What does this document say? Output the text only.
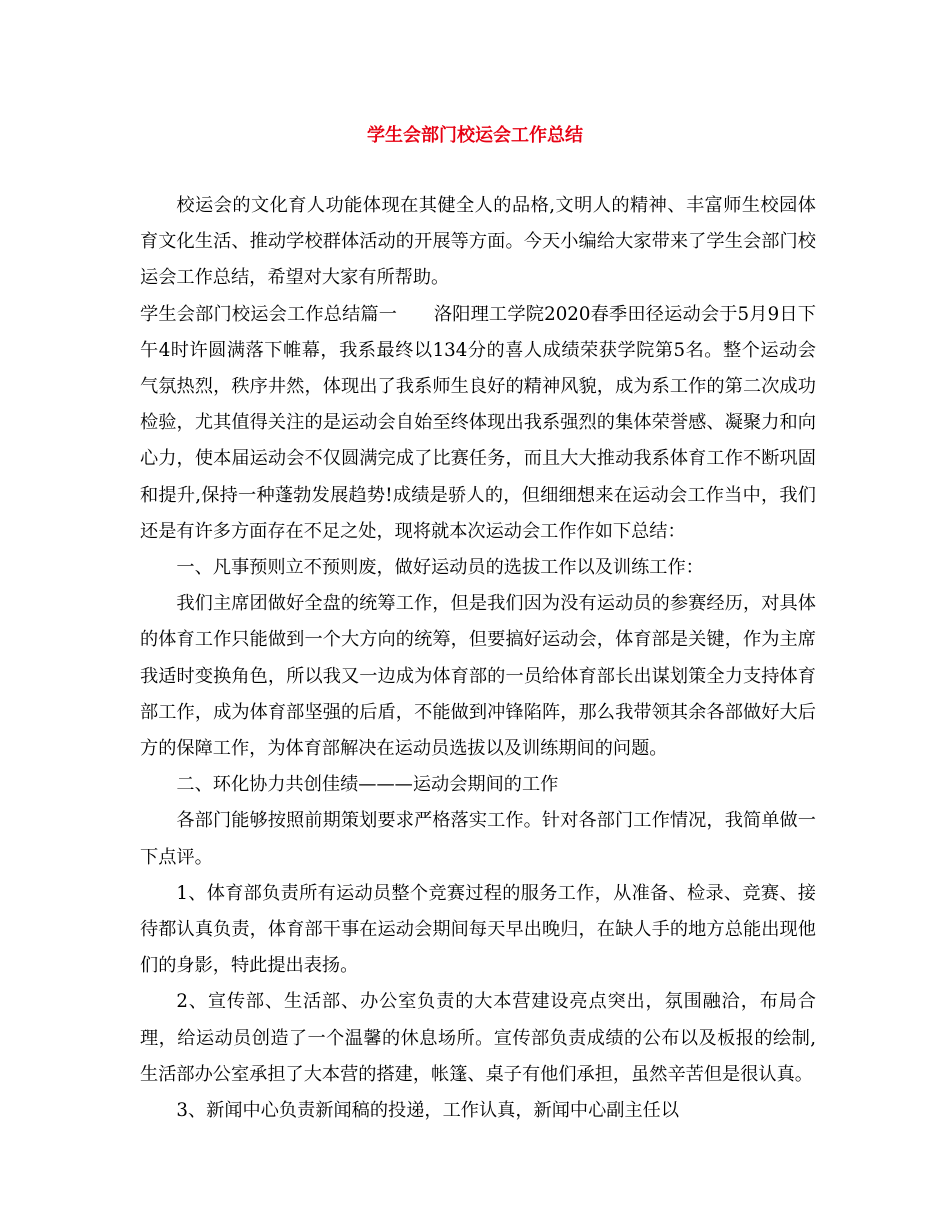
学生会部门校运会工作总结

校运会的文化育人功能体现在其健全人的品格,文明人的精神、丰富师生校园体育文化生活、推动学校群体活动的开展等方面。今天小编给大家带来了学生会部门校运会工作总结，希望对大家有所帮助。

学生会部门校运会工作总结篇一　　洛阳理工学院2020春季田径运动会于5月9日下午4时许圆满落下帷幕，我系最终以134分的喜人成绩荣获学院第5名。整个运动会气氛热烈，秩序井然，体现出了我系师生良好的精神风貌，成为系工作的第二次成功检验，尤其值得关注的是运动会自始至终体现出我系强烈的集体荣誉感、凝聚力和向心力，使本届运动会不仅圆满完成了比赛任务，而且大大推动我系体育工作不断巩固和提升,保持一种蓬勃发展趋势!成绩是骄人的，但细细想来在运动会工作当中，我们还是有许多方面存在不足之处，现将就本次运动会工作作如下总结：

一、凡事预则立不预则废，做好运动员的选拔工作以及训练工作：

我们主席团做好全盘的统筹工作，但是我们因为没有运动员的参赛经历，对具体的体育工作只能做到一个大方向的统筹，但要搞好运动会，体育部是关键，作为主席我适时变换角色，所以我又一边成为体育部的一员给体育部长出谋划策全力支持体育部工作，成为体育部坚强的后盾，不能做到冲锋陷阵，那么我带领其余各部做好大后方的保障工作，为体育部解决在运动员选拔以及训练期间的问题。

二、环化协力共创佳绩———运动会期间的工作

各部门能够按照前期策划要求严格落实工作。针对各部门工作情况，我简单做一下点评。

1、体育部负责所有运动员整个竞赛过程的服务工作，从准备、检录、竞赛、接待都认真负责，体育部干事在运动会期间每天早出晚归，在缺人手的地方总能出现他们的身影，特此提出表扬。

2、宣传部、生活部、办公室负责的大本营建设亮点突出，氛围融洽，布局合理，给运动员创造了一个温馨的休息场所。宣传部负责成绩的公布以及板报的绘制,生活部办公室承担了大本营的搭建，帐篷、桌子有他们承担，虽然辛苦但是很认真。

3、新闻中心负责新闻稿的投递，工作认真，新闻中心副主任以
